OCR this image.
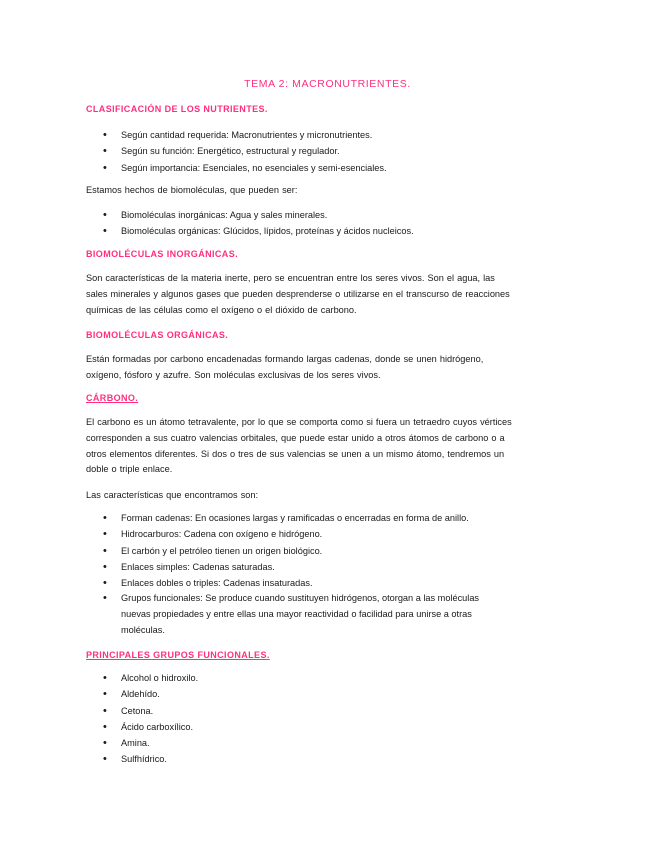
TEMA 2: MACRONUTRIENTES.
CLASIFICACIÓN DE LOS NUTRIENTES.
• Según cantidad requerida: Macronutrientes y micronutrientes.
• Según su función: Energético, estructural y regulador.
• Según importancia: Esenciales, no esenciales y semi-esenciales.

Estamos hechos de biomoléculas, que pueden ser:

• Biomoléculas inorgánicas: Agua y sales minerales.
• Biomoléculas orgánicas: Glúcidos, lípidos, proteínas y ácidos nucleicos.
BIOMOLÉCULAS INORGÁNICAS.

Son características de la materia inerte, pero se encuentran entre los seres vivos. Son el agua, las sales minerales y algunos gases que pueden desprenderse o utilizarse en el transcurso de reacciones químicas de las células como el oxígeno o el dióxido de carbono.

BIOMOLÉCULAS ORGÁNICAS.

Están formadas por carbono encadenadas formando largas cadenas, donde se unen hidrógeno, oxígeno, fósforo y azufre. Son moléculas exclusivas de los seres vivos.

CÁRBONO.

El carbono es un átomo tetravalente, por lo que se comporta como si fuera un tetraedro cuyos vértices corresponden a sus cuatro valencias orbitales, que puede estar unido a otros átomos de carbono o a otros elementos diferentes. Si dos o tres de sus valencias se unen a un mismo átomo, tendremos un doble o triple enlace.

Las características que encontramos son:

• Forman cadenas: En ocasiones largas y ramificadas o encerradas en forma de anillo.
• Hidrocarburos: Cadena con oxígeno e hidrógeno.
• El carbón y el petróleo tienen un origen biológico.
• Enlaces simples: Cadenas saturadas.
• Enlaces dobles o triples: Cadenas insaturadas.
• Grupos funcionales: Se produce cuando sustituyen hidrógenos, otorgan a las moléculas nuevas propiedades y entre ellas una mayor reactividad o facilidad para unirse a otras moléculas.
PRINCIPALES GRUPOS FUNCIONALES.
• Alcohol o hidroxilo.
• Aldehído.
• Cetona.
• Ácido carboxílico.
• Amina.
• Sulfhídrico.
